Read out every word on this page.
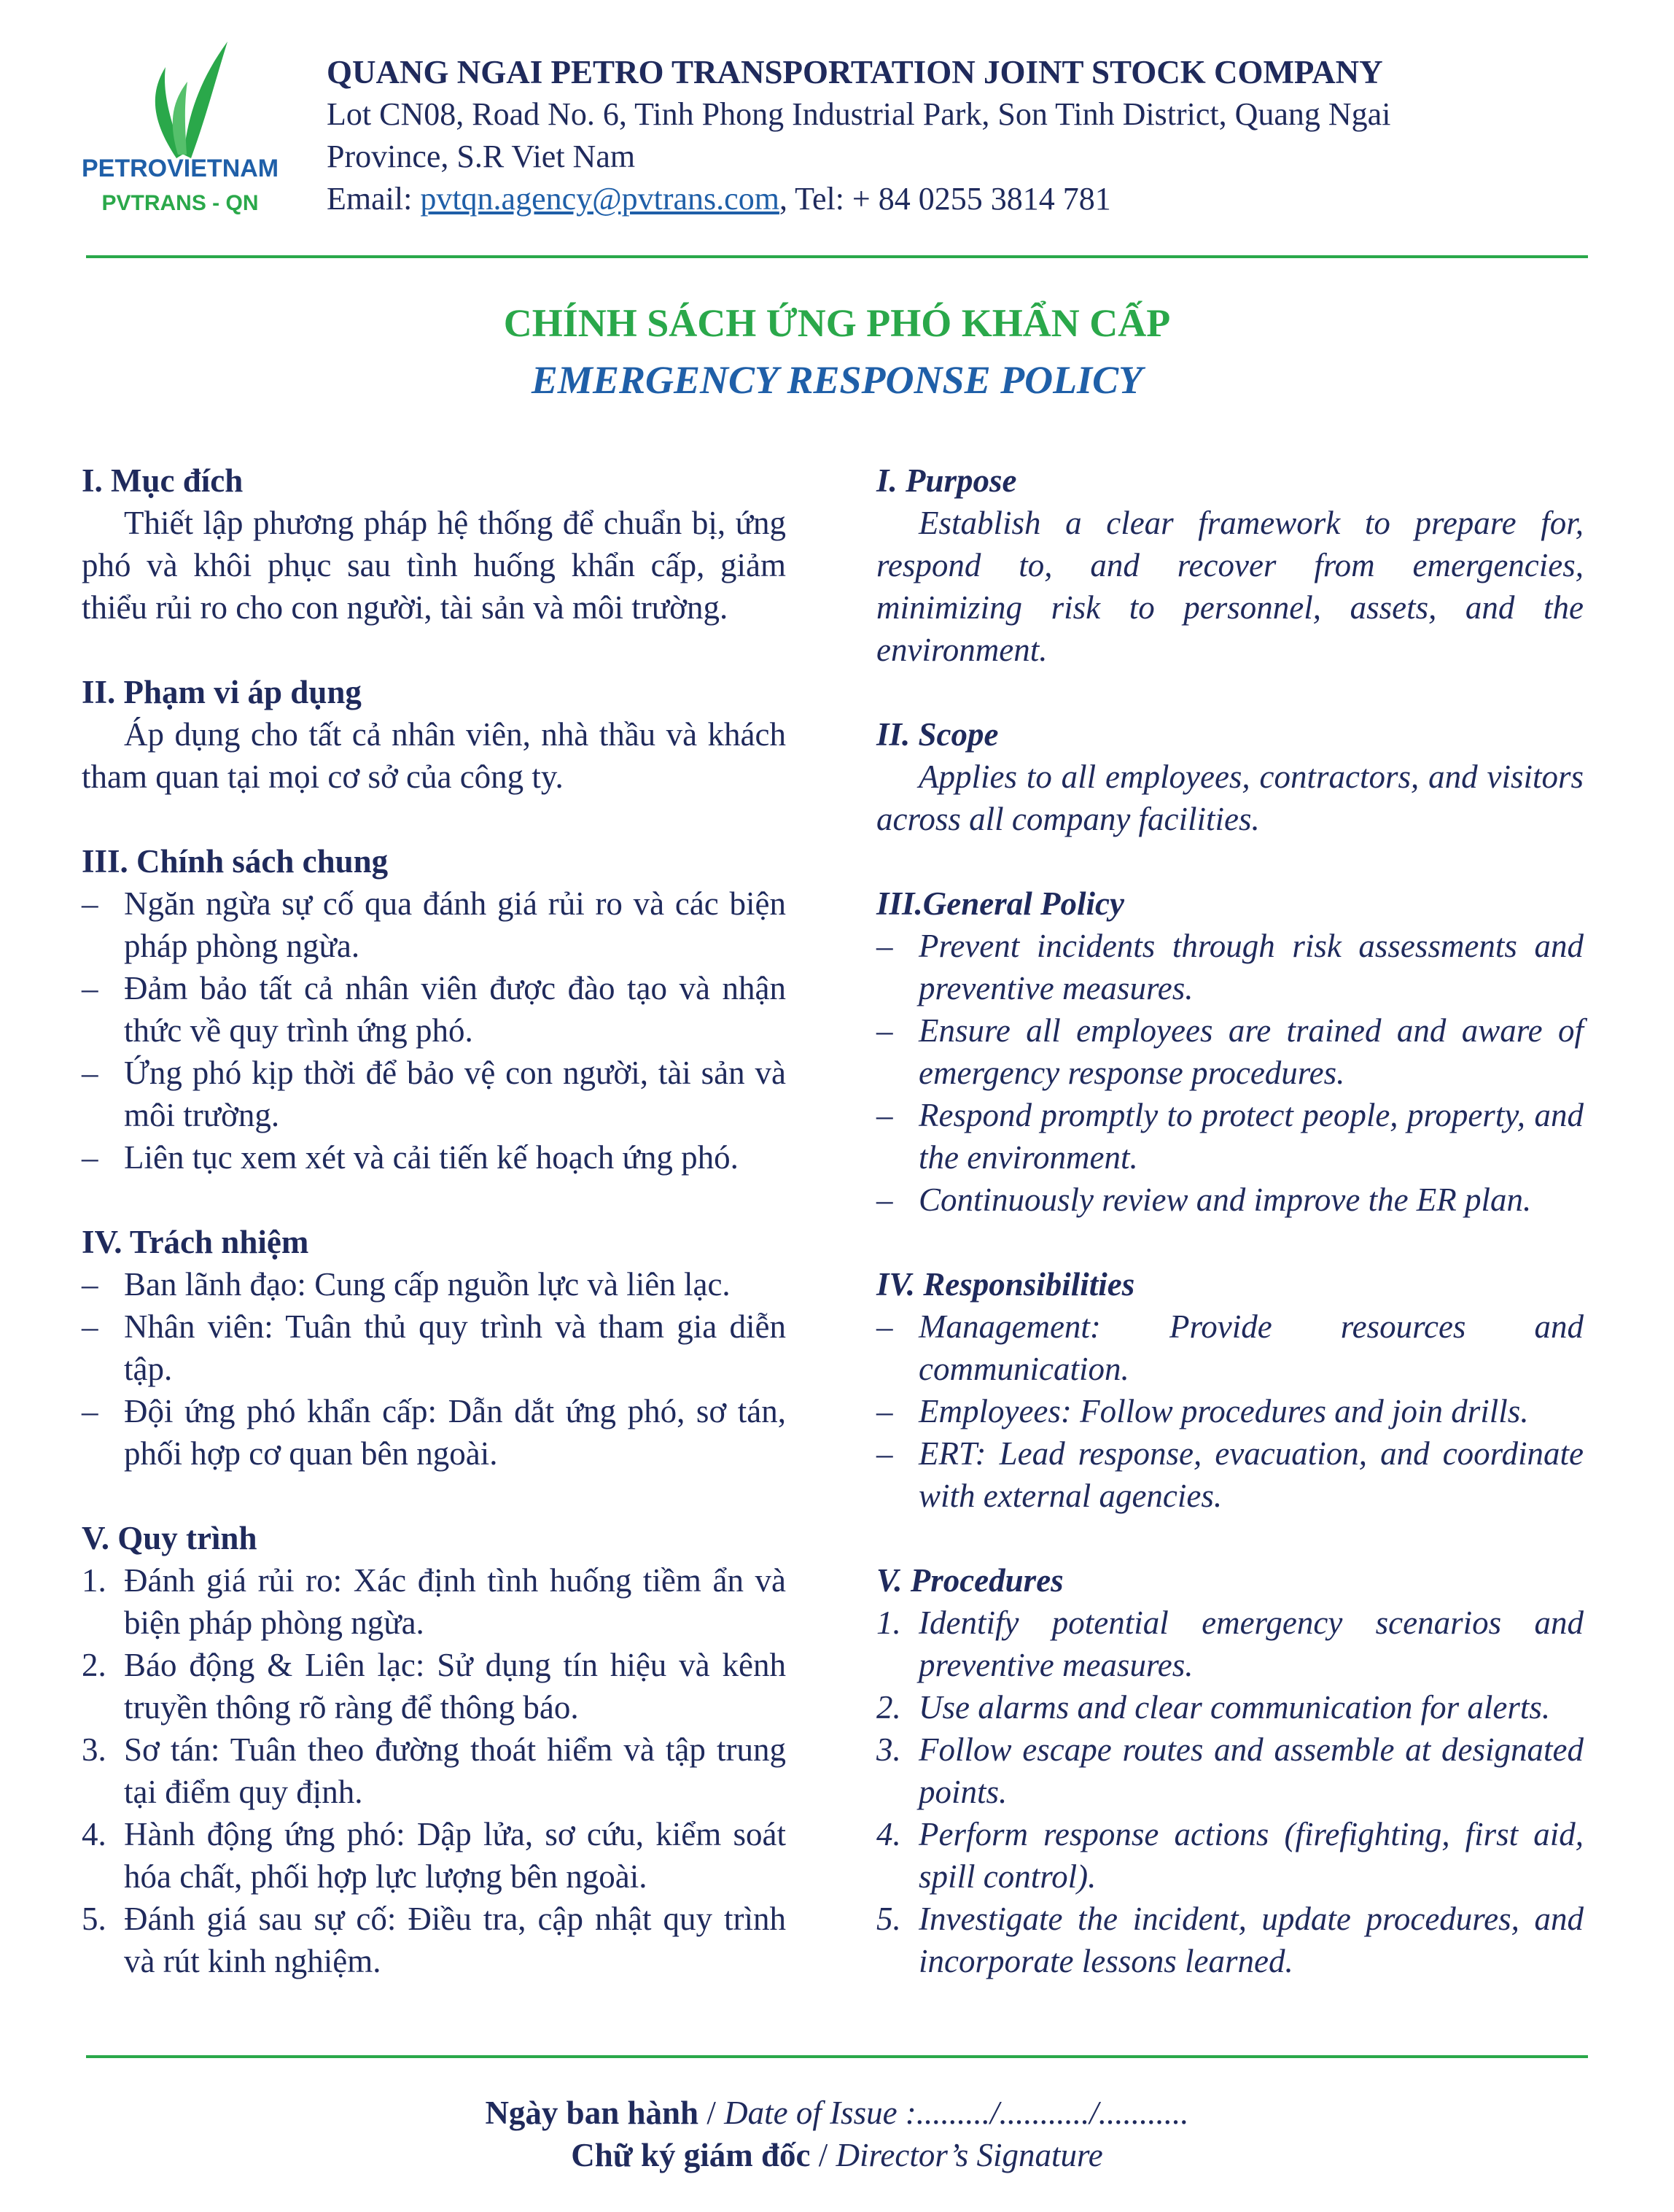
PETROVIETNAM
PVTRANS - QN
QUANG NGAI PETRO TRANSPORTATION JOINT STOCK COMPANY
Lot CN08, Road No. 6, Tinh Phong Industrial Park, Son Tinh District, Quang Ngai
Province, S.R Viet Nam
Email: pvtqn.agency@pvtrans.com, Tel: + 84 0255 3814 781
CHÍNH SÁCH ỨNG PHÓ KHẨN CẤP
EMERGENCY RESPONSE POLICY
I. Mục đích

Thiết lập phương pháp hệ thống để chuẩn bị, ứng phó và khôi phục sau tình huống khẩn cấp, giảm thiểu rủi ro cho con người, tài sản và môi trường.

II. Phạm vi áp dụng

Áp dụng cho tất cả nhân viên, nhà thầu và khách tham quan tại mọi cơ sở của công ty.

III. Chính sách chung
– Ngăn ngừa sự cố qua đánh giá rủi ro và các biện pháp phòng ngừa.
– Đảm bảo tất cả nhân viên được đào tạo và nhận thức về quy trình ứng phó.
– Ứng phó kịp thời để bảo vệ con người, tài sản và môi trường.
– Liên tục xem xét và cải tiến kế hoạch ứng phó.
IV. Trách nhiệm
– Ban lãnh đạo: Cung cấp nguồn lực và liên lạc.
– Nhân viên: Tuân thủ quy trình và tham gia diễn tập.
– Đội ứng phó khẩn cấp: Dẫn dắt ứng phó, sơ tán, phối hợp cơ quan bên ngoài.
V. Quy trình
1. Đánh giá rủi ro: Xác định tình huống tiềm ẩn và biện pháp phòng ngừa.
2. Báo động & Liên lạc: Sử dụng tín hiệu và kênh truyền thông rõ ràng để thông báo.
3. Sơ tán: Tuân theo đường thoát hiểm và tập trung tại điểm quy định.
4. Hành động ứng phó: Dập lửa, sơ cứu, kiểm soát hóa chất, phối hợp lực lượng bên ngoài.
5. Đánh giá sau sự cố: Điều tra, cập nhật quy trình và rút kinh nghiệm.
I. Purpose

Establish a clear framework to prepare for, respond to, and recover from emergencies, minimizing risk to personnel, assets, and the environment.

II. Scope

Applies to all employees, contractors, and visitors across all company facilities.

III.General Policy
– Prevent incidents through risk assessments and preventive measures.
– Ensure all employees are trained and aware of emergency response procedures.
– Respond promptly to protect people, property, and the environment.
– Continuously review and improve the ER plan.
IV. Responsibilities
– Management: Provide resources and communication.
– Employees: Follow procedures and join drills.
– ERT: Lead response, evacuation, and coordinate with external agencies.
V. Procedures
1. Identify potential emergency scenarios and preventive measures.
2. Use alarms and clear communication for alerts.
3. Follow escape routes and assemble at designated points.
4. Perform response actions (firefighting, first aid, spill control).
5. Investigate the incident, update procedures, and incorporate lessons learned.
Ngày ban hành / Date of Issue :........./.........../...........
Chữ ký giám đốc / Director’s Signature
